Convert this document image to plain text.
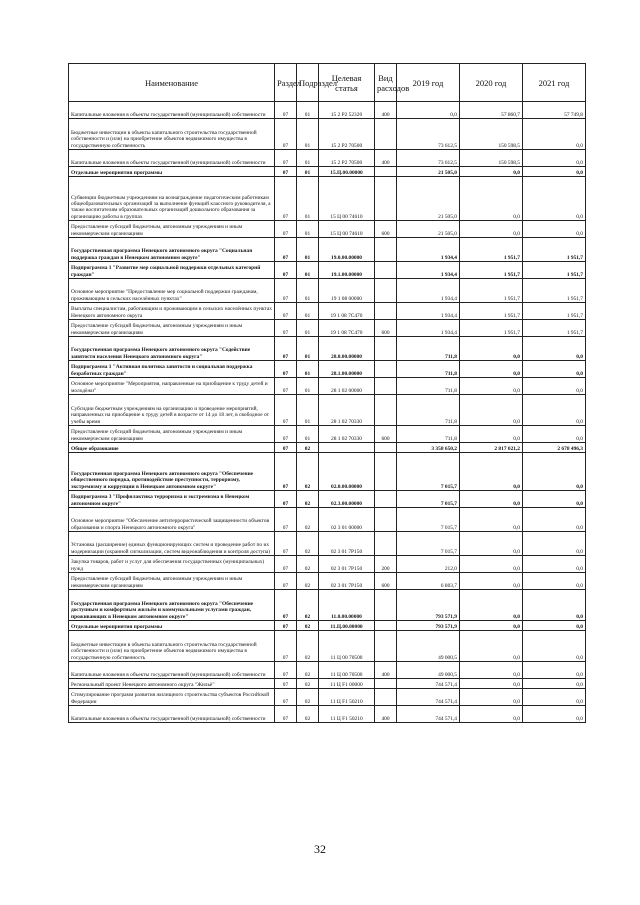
Наименование	Раздел	Подраздел	Целевая статья	Вид расходов	2019 год	2020 год	2021 год
Капитальные вложения в объекты государственной (муниципальной) собственности	07	01	15 2 Р2 52320	400	0,0	57 860,7	57 749,8
Бюджетные инвестиции в объекты капитального строительства государственной собственности и (или) на приобретение объектов недвижимого имущества в государственную собственность	07	01	15 2 Р2 70500		73 612,5	150 598,5	0,0
Капитальные вложения в объекты государственной (муниципальной) собственности	07	01	15 2 Р2 70500	400	73 612,5	150 598,5	0,0
Отдельные мероприятия программы	07	01	15.Ц.00.00000		21 505,0	0,0	0,0
Субвенции бюджетным учреждениям на вознаграждение педагогическим работникам общеобразовательных организаций за выполнение функций классного руководителя, а также воспитателям образовательных организаций дошкольного образования за организацию работы в группах	07	01	15 Ц 00 74610		21 505,0	0,0	0,0
Предоставление субсидий бюджетным, автономным учреждениям и иным некоммерческим организациям	07	01	15 Ц 00 74610	600	21 505,0	0,0	0,0
Государственная программа Ненецкого автономного округа "Социальная поддержка граждан в Ненецком автономном округе"	07	01	19.0.00.00000		1 934,4	1 951,7	1 951,7
Подпрограмма 1 "Развитие мер социальной поддержки отдельных категорий граждан"	07	01	19.1.00.00000		1 934,4	1 951,7	1 951,7
Основное мероприятие "Предоставление мер социальной поддержки гражданам, проживающим в сельских населённых пунктах"	07	01	19 1 08 00000		1 934,4	1 951,7	1 951,7
Выплаты специалистам, работающим и проживающим в сельских населённых пунктах Ненецкого автономного округа	07	01	19 1 08 7С470		1 934,4	1 951,7	1 951,7
Предоставление субсидий бюджетным, автономным учреждениям и иным некоммерческим организациям	07	01	19 1 08 7С470	600	1 934,4	1 951,7	1 951,7
Государственная программа Ненецкого автономного округа "Содействие занятости населения Ненецкого автономного округа"	07	01	28.0.00.00000		711,8	0,0	0,0
Подпрограмма 1 "Активная политика занятости и социальная поддержка безработных граждан"	07	01	28.1.00.00000		711,8	0,0	0,0
Основное мероприятие "Мероприятия, направленные на приобщение к труду детей и молодёжи"	07	01	28 1 02 00000		711,8	0,0	0,0
Субсидии бюджетным учреждениям на организацию и проведение мероприятий, направленных на приобщение к труду детей в возрасте от 14 до 18 лет, в свободное от учебы время	07	01	28 1 02 70330		711,8	0,0	0,0
Предоставление субсидий бюджетным, автономным учреждениям и иным некоммерческим организациям	07	01	28 1 02 70330	600	711,8	0,0	0,0
Общее образование	07	02			3 358 650,2	2 817 021,2	2 678 496,3
Государственная программа Ненецкого автономного округа "Обеспечение общественного порядка, противодействие преступности, терроризму, экстремизму и коррупции в Ненецком автономном округе"	07	02	02.0.00.00000		7 015,7	0,0	0,0
Подпрограмма 3 "Профилактика терроризма и экстремизма в Ненецком автономном округе"	07	02	02.3.00.00000		7 015,7	0,0	0,0
Основное мероприятие "Обеспечение антитеррористической защищенности объектов образования и спорта Ненецкого автономного округа"	07	02	02 3 01 00000		7 015,7	0,0	0,0
Установка (расширение) единых функционирующих систем и проведение работ по их модернизации (охранной сигнализации, систем видеонаблюдения и контроля доступа)	07	02	02 3 01 7Р150		7 015,7	0,0	0,0
Закупка товаров, работ и услуг для обеспечения государственных (муниципальных) нужд	07	02	02 3 01 7Р150	200	212,0	0,0	0,0
Предоставление субсидий бюджетным, автономным учреждениям и иным некоммерческим организациям	07	02	02 3 01 7Р150	600	6 803,7	0,0	0,0
Государственная программа Ненецкого автономного округа "Обеспечение доступным и комфортным жильём и коммунальными услугами граждан, проживающих в Ненецком автономном округе"	07	02	11.0.00.00000		793 571,9	0,0	0,0
Отдельные мероприятия программы	07	02	11.Ц.00.00000		793 571,9	0,0	0,0
Бюджетные инвестиции в объекты капитального строительства государственной собственности и (или) на приобретение объектов недвижимого имущества в государственную собственность	07	02	11 Ц 00 70500		49 000,5	0,0	0,0
Капитальные вложения в объекты государственной (муниципальной) собственности	07	02	11 Ц 00 70500	400	49 000,5	0,0	0,0
Региональный проект Ненецкого автономного округа "Жильё"	07	02	11 Ц F1 00000		744 571,4	0,0	0,0
Стимулирование программ развития жилищного строительства субъектов Российской Федерации	07	02	11 Ц F1 50210		744 571,4	0,0	0,0
Капитальные вложения в объекты государственной (муниципальной) собственности	07	02	11 Ц F1 50210	400	744 571,4	0,0	0,0
32
